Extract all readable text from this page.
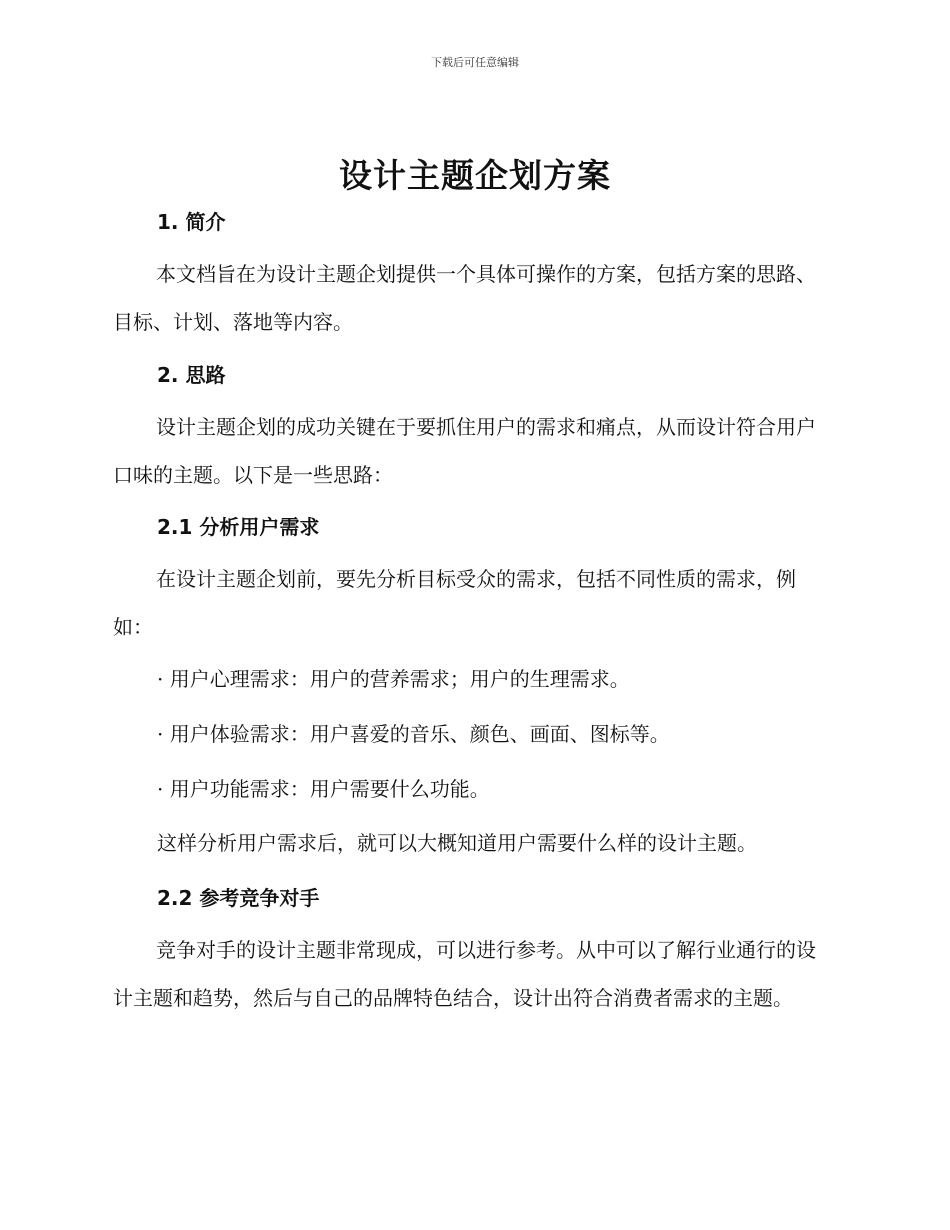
下载后可任意编辑
设计主题企划方案
1. 简介

本文档旨在为设计主题企划提供一个具体可操作的方案，包括方案的思路、目标、计划、落地等内容。

2. 思路

设计主题企划的成功关键在于要抓住用户的需求和痛点，从而设计符合用户口味的主题。以下是一些思路：

2.1 分析用户需求

在设计主题企划前，要先分析目标受众的需求，包括不同性质的需求，例如：

· 用户心理需求：用户的营养需求；用户的生理需求。

· 用户体验需求：用户喜爱的音乐、颜色、画面、图标等。

· 用户功能需求：用户需要什么功能。

这样分析用户需求后，就可以大概知道用户需要什么样的设计主题。

2.2 参考竞争对手

竞争对手的设计主题非常现成，可以进行参考。从中可以了解行业通行的设计主题和趋势，然后与自己的品牌特色结合，设计出符合消费者需求的主题。
